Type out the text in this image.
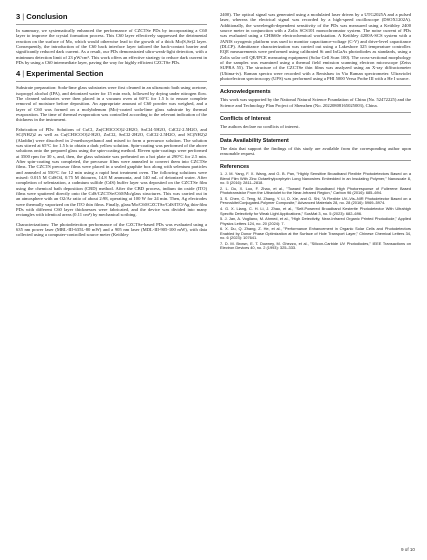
3 | Conclusion

In summary, we systematically enhanced the performance of CZCTSe PDs by incorporating a C60 layer to improve the crystal formation process. This C60 layer effectively suppressed the detrimental reaction on the surface of Mo, which would otherwise lead to the growth of a thick Mo(S,Se)2 layer. Consequently, the introduction of the C60 back interface layer tailored the back-contact barrier and significantly reduced dark current. As a result, our PDs demonstrated ultra-weak-light detection, with a minimum detection limit of 23 pW/cm². This work offers an effective strategy to reduce dark current in PDs by using a C60 intermediate layer, paving the way for highly efficient CZCTSe PDs.

4 | Experimental Section

Substrate preparation: Soda-lime glass substrates were first cleaned in an ultrasonic bath using acetone, isopropyl alcohol (IPA), and deionized water for 15 min each, followed by drying under nitrogen flow. The cleaned substrates were then placed in a vacuum oven at 60°C for 1.5 h to ensure complete removal of moisture before deposition. An appropriate amount of C60 powder was weighed, and a layer of C60 was formed on a molybdenum (Mo)-coated soda-lime glass substrate by thermal evaporation. The time of thermal evaporation was controlled according to the relevant indication of the thickness in the instrument.

Fabrication of PDs: Solutions of CuCl, Zn(CH3COO)2·2H2O, SnCl4·5H2O, CdCl2·2.5H2O, and SC(NH2)2 as well as Cu(CH3COO)2·H2O, ZnCl2, SnCl2·2H2O, CdCl2·2.5H2O, and SC(NH2)2 (Aladdin) were dissolved in 2-methoxyethanol and mixed to form a precursor solution. The solution was stirred at 65°C for 1.5 h to obtain a dark yellow solution. Spin-coating was performed of the above solutions onto the prepared glass using the spin-coating method. Eleven spin-coatings were performed at 3500 rpm for 30 s, and, then, the glass substrate was preheated on a hot plate at 290°C for 2.5 min. After spin-coating was completed, the precursor films were annealed to convert them into CZCTSe films. The CZCTS precursor films were placed in a sealed graphite box along with selenium particles and annealed at 550°C for 12 min using a rapid heat treatment oven. The following solutions were mixed: 0.015 M CdSO4, 0.75 M thiourea, 14.8 M ammonia, and 140 mL of deionized water. After completion of selenization, a cadmium sulfide (CdS) buffer layer was deposited on the CZCTSe film using the chemical bath deposition (CBD) method. After the CBD process, indium tin oxide (ITO) films were sputtered directly onto the CdS/CZCTSe/C60/Mo/glass structures. This was carried out in an atmosphere with an O2/Ar ratio of about 2:98, operating at 100 W for 24 min. Then, Ag electrodes were thermally vaporized on the ITO thin films. Finally, glass/Mo/C60/CZCTSe/CdS/ITO/Ag thin-film PDs with different C60 layer thicknesses were fabricated, and the device was divided into many rectangles with identical areas (0.11 cm²) by mechanical scribing.

Characterizations: The photodetection performance of the CZCTSe-based PDs was evaluated using a 635 nm power laser (MRL-III-635L-80 mW) and a 905 nm laser (MDL-III-905-100 mW), with data collected using a computer-controlled source meter (Keithley

2400). The optical signal was generated using a modulated laser driven by a UTG2025A and a pulsed laser, whereas the electrical signal was recorded by a high-speed oscilloscope (DSOX1202A). Additionally, the wavelength-dependent sensitivity of the PDs was measured using a Keithley 2400 source meter in conjunction with a Zolix SCS101 monochromator system. The noise current of PDs was evaluated using a CHI660e electrochemical workstation. A Keithley 4200A-SCS system with a JANIS cryogenic platform was used to monitor capacitance-voltage (C-V) and drive-level capacitance (DLCP). Admittance characterization was carried out using a Lakeshore 325 temperature controller. EQE measurements were performed using calibrated Si and InGaAs photodiodes as standards, using a Zolix solar cell QE/IPCE measuring equipment (Solar Cell Scan 100). The cross-sectional morphology of the samples was examined using a thermal field emission scanning electron microscope (Zeiss SUPRA 55). The structure of the CZCTSe thin films was analyzed using an X-ray diffractometer (Ultima-iv). Raman spectra were recorded with a Renishaw in Via Raman spectrometer. Ultraviolet photoelectron spectroscopy (UPS) was performed using a PHI 5000 Versa Probe III with a He I source.

Acknowledgements

This work was supported by the National Natural Science Foundation of China (No. 52472225) and the Science and Technology Plan Project of Shenzhen (No. 20220808165025003), China.

Conflicts of Interest

The authors declare no conflicts of interest.

Data Availability Statement

The data that support the findings of this study are available from the corresponding author upon reasonable request.

References
1. J. M. Yang, F. X. Wang, and G. B. Pan, "Highly Sensitive Broadband Flexible Photodetectors Based on a Blend Film With Zinc Octaethylporphyrin Long Nanowires Embedded in an Insulating Polymer," Nanoscale 8, no. 5 (2016): 2811–2818.
2. L. Du, X. Luo, F. Zhao, et al., "Toward Facile Broadband High Photoresponse of Fullerene Based Phototransistor From the Ultraviolet to the Near-Infrared Region," Carbon 96 (2016): 685–694.
3. S. Chen, C. Teng, M. Zhang, Y. Li, D. Xie, and G. Shi, "A Flexible UV–Vis–NIR Photodetector Based on a Perovskite/Conjugated-Polymer Composite," Advanced Materials 28, no. 28 (2016): 5969–5974.
4. G. X. Liang, C. H. Li, J. Zhao, et al., "Self-Powered Broadband Kesterite Photodetector With Ultrahigh Specific Detectivity for Weak Light Applications," SusMat 3, no. 5 (2023): 682–696.
5. J. Jan, A. Vogliano, M. Ahmed, et al., "High Detectivity, Near-Infrared Organic Printed Photodiode," Applied Physics Letters 124, no. 20 (2024): 7.
6. X. Du, Q. Zhang, Z. He, et al., "Performance Enhancement in Organic Solar Cells and Photodetectors Enabled by Donor Phase Optimization at the Surface of Hole Transport Layer," Chinese Chemical Letters 34, no. 6 (2023): 107641.
7. D. M. Brown, E. T. Downey, M. Ghezzo, et al., "Silicon-Carbide UV Photodiodes," IEEE Transactions on Electron Devices 40, no. 2 (1993): 325–333.
9 of 10
